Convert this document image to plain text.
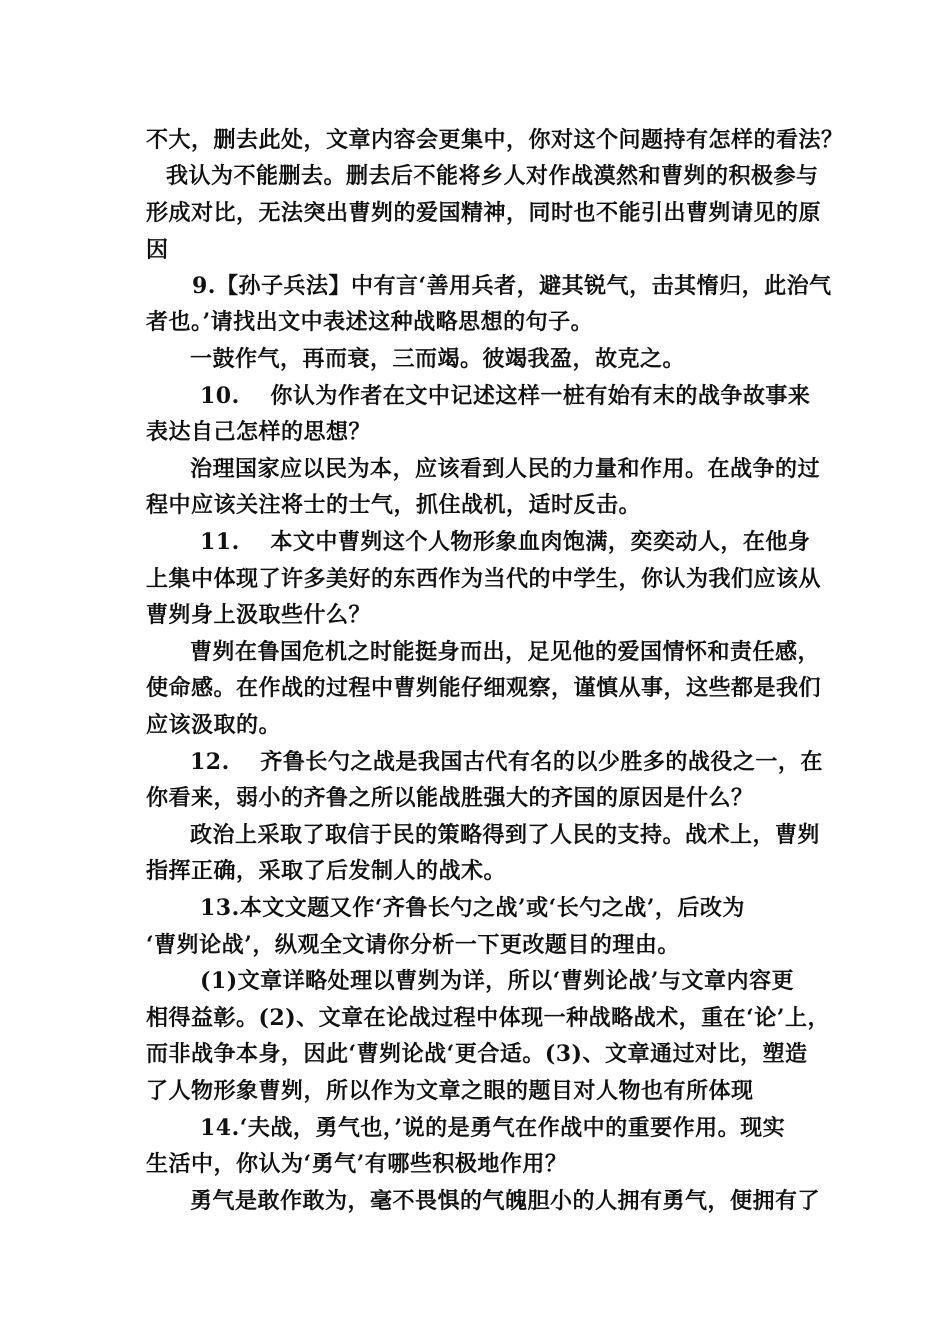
不大，删去此处，文章内容会更集中，你对这个问题持有怎样的看法？
我认为不能删去。删去后不能将乡人对作战漠然和曹刿的积极参与
形成对比，无法突出曹刿的爱国精神，同时也不能引出曹刿请见的原
因
9.【孙子兵法】中有言‘善用兵者，避其锐气，击其惰归，此治气
者也。’请找出文中表述这种战略思想的句子。
一鼓作气，再而衰，三而竭。彼竭我盈，故克之。
10.　 你认为作者在文中记述这样一桩有始有末的战争故事来
表达自己怎样的思想？
治理国家应以民为本，应该看到人民的力量和作用。在战争的过
程中应该关注将士的士气，抓住战机，适时反击。
11.　 本文中曹刿这个人物形象血肉饱满，奕奕动人，在他身
上集中体现了许多美好的东西作为当代的中学生，你认为我们应该从
曹刿身上汲取些什么？
曹刿在鲁国危机之时能挺身而出，足见他的爱国情怀和责任感，
使命感。在作战的过程中曹刿能仔细观察，谨慎从事，这些都是我们
应该汲取的。
12.　 齐鲁长勺之战是我国古代有名的以少胜多的战役之一，在
你看来，弱小的齐鲁之所以能战胜强大的齐国的原因是什么？
政治上采取了取信于民的策略得到了人民的支持。战术上，曹刿
指挥正确，采取了后发制人的战术。
13.本文文题又作‘齐鲁长勺之战’或‘长勺之战’，后改为
‘曹刿论战’，纵观全文请你分析一下更改题目的理由。
(1)文章详略处理以曹刿为详，所以‘曹刿论战’与文章内容更
相得益彰。(2)、文章在论战过程中体现一种战略战术，重在‘论’上，
而非战争本身，因此‘曹刿论战‘更合适。(3)、文章通过对比，塑造
了人物形象曹刿，所以作为文章之眼的题目对人物也有所体现
14.‘夫战，勇气也，’说的是勇气在作战中的重要作用。现实
生活中，你认为‘勇气’有哪些积极地作用？
勇气是敢作敢为，毫不畏惧的气魄胆小的人拥有勇气，便拥有了
